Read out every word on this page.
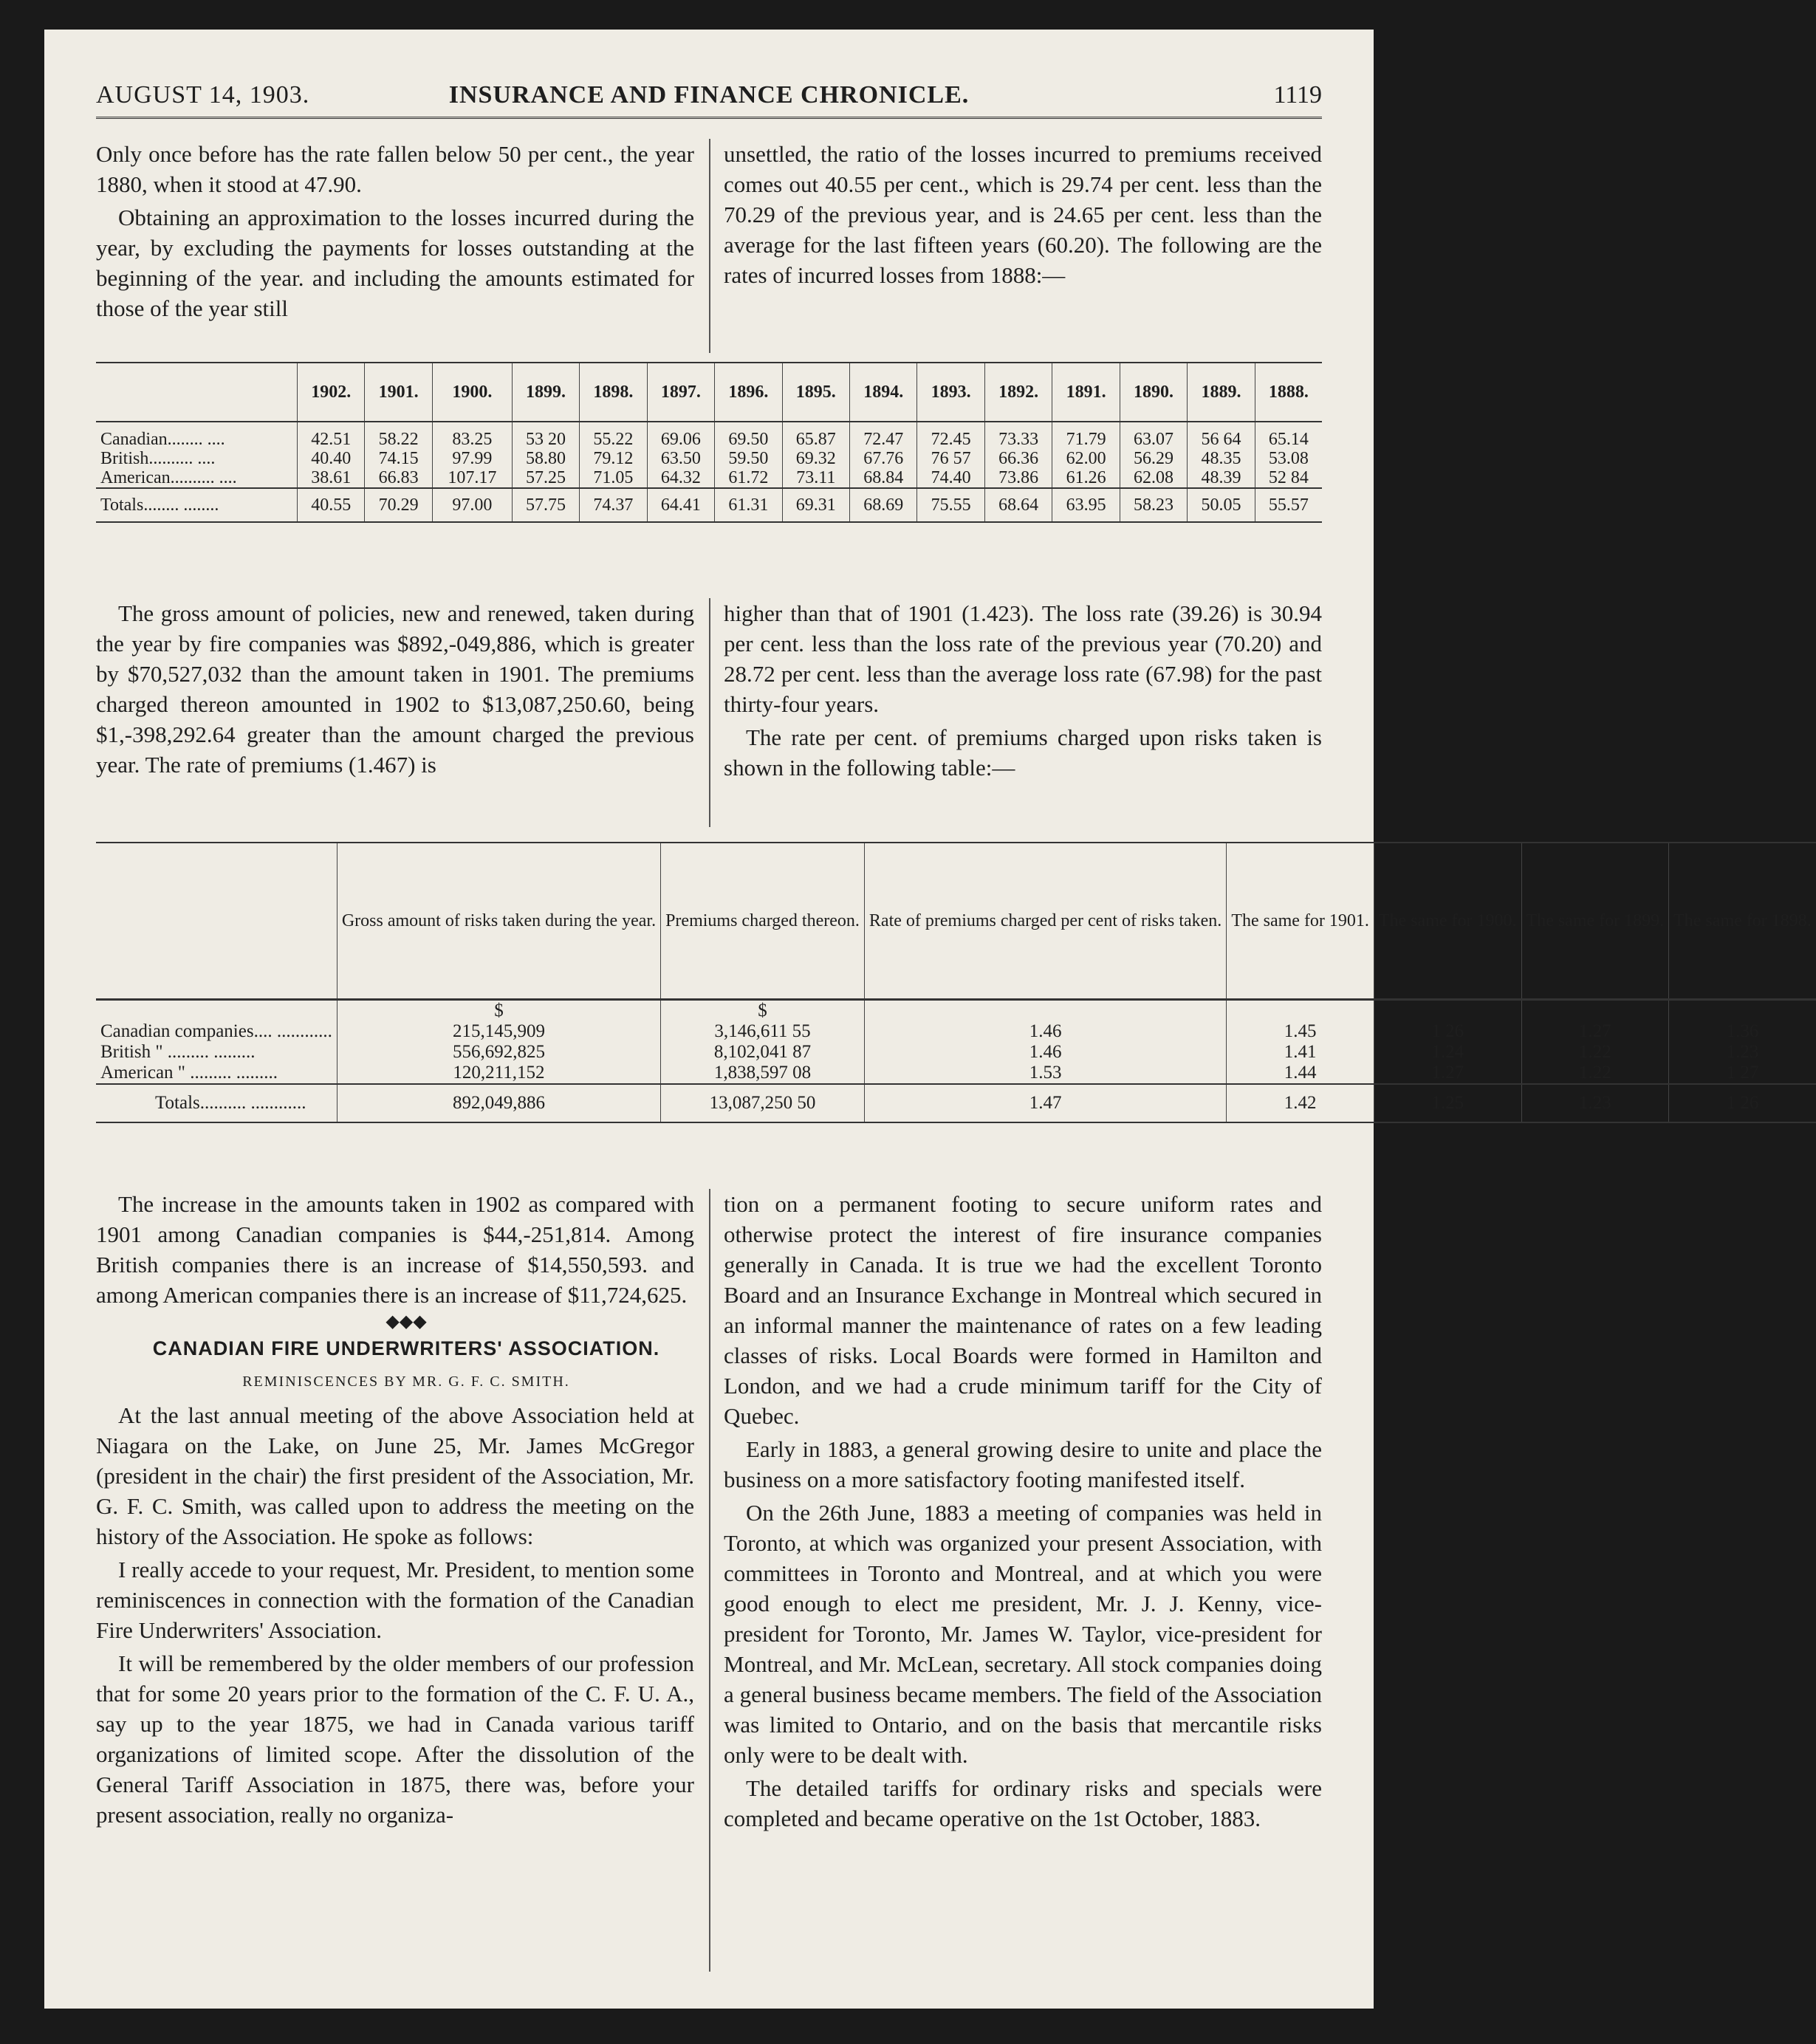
AUGUST 14, 1903.	INSURANCE AND FINANCE CHRONICLE.	1119

Only once before has the rate fallen below 50 per cent., the year 1880, when it stood at 47.90.

Obtaining an approximation to the losses incurred during the year, by excluding the payments for losses outstanding at the beginning of the year. and including the amounts estimated for those of the year still

unsettled, the ratio of the losses incurred to premiums received comes out 40.55 per cent., which is 29.74 per cent. less than the 70.29 of the previous year, and is 24.65 per cent. less than the average for the last fifteen years (60.20). The following are the rates of incurred losses from 1888:—

	1902.	1901.	1900.	1899.	1898.	1897.	1896.	1895.	1894.	1893.	1892.	1891.	1890.	1889.	1888.
Canadian........ ....	42.51	58.22	83.25	53 20	55.22	69.06	69.50	65.87	72.47	72.45	73.33	71.79	63.07	56 64	65.14
British.......... ....	40.40	74.15	97.99	58.80	79.12	63.50	59.50	69.32	67.76	76 57	66.36	62.00	56.29	48.35	53.08
American.......... ....	38.61	66.83	107.17	57.25	71.05	64.32	61.72	73.11	68.84	74.40	73.86	61.26	62.08	48.39	52 84
Totals........ ........	40.55	70.29	97.00	57.75	74.37	64.41	61.31	69.31	68.69	75.55	68.64	63.95	58.23	50.05	55.57

The gross amount of policies, new and renewed, taken during the year by fire companies was $892,-049,886, which is greater by $70,527,032 than the amount taken in 1901. The premiums charged thereon amounted in 1902 to $13,087,250.60, being $1,-398,292.64 greater than the amount charged the previous year. The rate of premiums (1.467) is

higher than that of 1901 (1.423). The loss rate (39.26) is 30.94 per cent. less than the loss rate of the previous year (70.20) and 28.72 per cent. less than the average loss rate (67.98) for the past thirty-four years.

The rate per cent. of premiums charged upon risks taken is shown in the following table:—

	Gross amount of risks taken during the year.	Premiums charged thereon.	Rate of premiums charged per cent of risks taken.	The same for 1901.	The same for 1900.	The same for 1899.	The same for 1898.
	$	$					
Canadian companies.... ............	215,145,909	3,146,611 55	1.46	1.45	1 26	1.27	1.36
British " ......... .........	556,692,825	8,102,041 87	1.46	1.41	1.24	1.22	1.23
American " ......... .........	120,211,152	1,838,597 08	1.53	1.44	1.27	1.22	1 27
Totals.......... ............	892,049,886	13,087,250 50	1.47	1.42	1.25	1.23	1 26

The increase in the amounts taken in 1902 as compared with 1901 among Canadian companies is $44,-251,814. Among British companies there is an increase of $14,550,593. and among American companies there is an increase of $11,724,625.

◆◆◆

CANADIAN FIRE UNDERWRITERS' ASSOCIATION.

REMINISCENCES BY MR. G. F. C. SMITH.

At the last annual meeting of the above Association held at Niagara on the Lake, on June 25, Mr. James McGregor (president in the chair) the first president of the Association, Mr. G. F. C. Smith, was called upon to address the meeting on the history of the Association. He spoke as follows:

I really accede to your request, Mr. President, to mention some reminiscences in connection with the formation of the Canadian Fire Underwriters' Association.

It will be remembered by the older members of our profession that for some 20 years prior to the formation of the C. F. U. A., say up to the year 1875, we had in Canada various tariff organizations of limited scope. After the dissolution of the General Tariff Association in 1875, there was, before your present association, really no organiza-

tion on a permanent footing to secure uniform rates and otherwise protect the interest of fire insurance companies generally in Canada. It is true we had the excellent Toronto Board and an Insurance Exchange in Montreal which secured in an informal manner the maintenance of rates on a few leading classes of risks. Local Boards were formed in Hamilton and London, and we had a crude minimum tariff for the City of Quebec.

Early in 1883, a general growing desire to unite and place the business on a more satisfactory footing manifested itself.

On the 26th June, 1883 a meeting of companies was held in Toronto, at which was organized your present Association, with committees in Toronto and Montreal, and at which you were good enough to elect me president, Mr. J. J. Kenny, vice-president for Toronto, Mr. James W. Taylor, vice-president for Montreal, and Mr. McLean, secretary. All stock companies doing a general business became members. The field of the Association was limited to Ontario, and on the basis that mercantile risks only were to be dealt with.

The detailed tariffs for ordinary risks and specials were completed and became operative on the 1st October, 1883.
